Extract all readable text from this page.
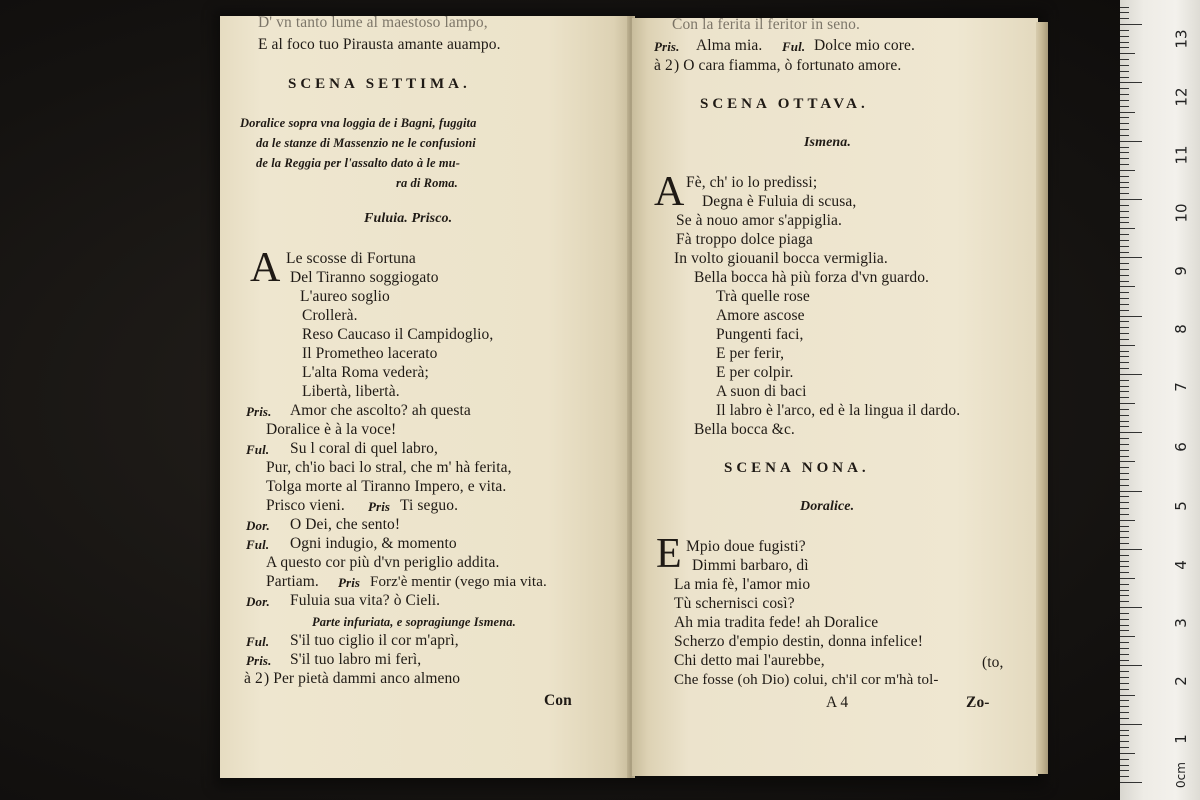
D' vn tanto lume al maestoso lampo,
E al foco tuo Pirausta amante auampo.
SCENA SETTIMA.
Doralice sopra vna loggia de i Bagni, fuggita
da le stanze di Massenzio ne le confusioni
de la Reggia per l'assalto dato à le mu-
ra di Roma.
Fuluia. Prisco.
A Le scosse di Fortuna
Del Tiranno soggiogato
L'aureo soglio
Crollerà.
Reso Caucaso il Campidoglio,
Il Prometheo lacerato
L'alta Roma vederà;
Libertà, libertà.
Pris. Amor che ascolto? ah questa
Doralice è à la voce!
Ful. Su l coral di quel labro,
Pur, ch'io baci lo stral, che m' hà ferita,
Tolga morte al Tiranno Impero, e vita.
Prisco vieni. Pris Ti seguo.
Dor. O Dei, che sento!
Ful. Ogni indugio, & momento
A questo cor più d'vn periglio addita.
Partiam. Pris Forz'è mentir (vego mia vita.
Dor. Fuluia sua vita? ò Cieli.
Parte infuriata, e sopragiunge Ismena.
Ful. S'il tuo ciglio il cor m'aprì,
Pris. S'il tuo labro mi ferì,
à 2 ) Per pietà dammi anco almeno
Con
Con la ferita il feritor in seno.
Pris. Alma mia. Ful. Dolce mio core.
à 2 ) O cara fiamma, ò fortunato amore.
SCENA OTTAVA.
Ismena.
A Fè, ch' io lo predissi;
Degna è Fuluia di scusa,
Se à nouo amor s'appiglia.
Fà troppo dolce piaga
In volto giouanil bocca vermiglia.
Bella bocca hà più forza d'vn guardo.
Trà quelle rose
Amore ascose
Pungenti faci,
E per ferir,
E per colpir.
A suon di baci
Il labro è l'arco, ed è la lingua il dardo.
Bella bocca &c.
SCENA NONA.
Doralice.
E Mpio doue fugisti?
Dimmi barbaro, dì
La mia fè, l'amor mio
Tù schernisci così?
Ah mia tradita fede! ah Doralice
Scherzo d'empio destin, donna infelice!
Chi detto mai l'aurebbe,	(to,
Che fosse (oh Dio) colui, ch'il cor m'hà tol-
A 4	Zo-
0cm
1
2
3
4
5
6
7
8
9
10
11
12
13
